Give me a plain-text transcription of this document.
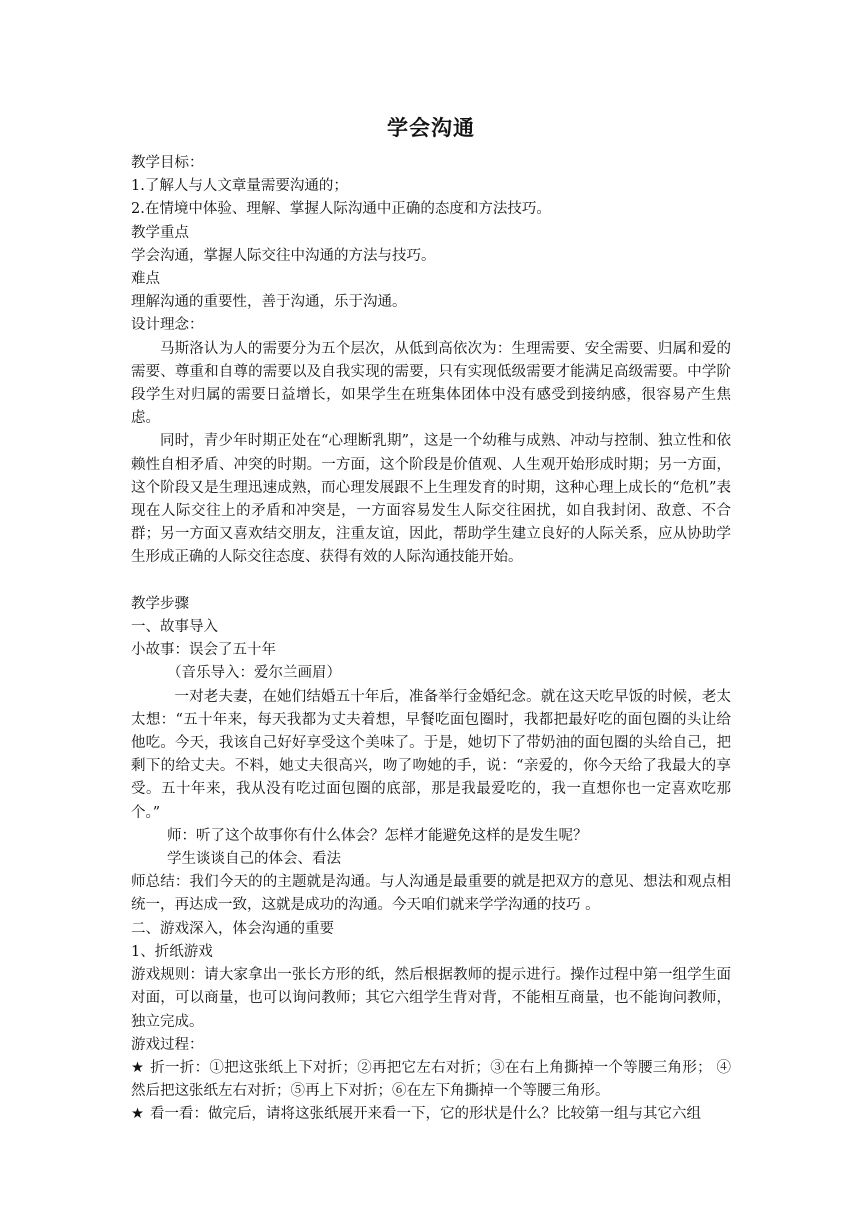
学会沟通

教学目标：

1.了解人与人文章量需要沟通的；

2.在情境中体验、理解、掌握人际沟通中正确的态度和方法技巧。

教学重点

学会沟通，掌握人际交往中沟通的方法与技巧。

难点

理解沟通的重要性，善于沟通，乐于沟通。

设计理念：

马斯洛认为人的需要分为五个层次，从低到高依次为：生理需要、安全需要、归属和爱的需要、尊重和自尊的需要以及自我实现的需要，只有实现低级需要才能满足高级需要。中学阶段学生对归属的需要日益增长，如果学生在班集体团体中没有感受到接纳感，很容易产生焦虑。

同时，青少年时期正处在“心理断乳期”，这是一个幼稚与成熟、冲动与控制、独立性和依赖性自相矛盾、冲突的时期。一方面，这个阶段是价值观、人生观开始形成时期；另一方面，这个阶段又是生理迅速成熟，而心理发展跟不上生理发育的时期，这种心理上成长的“危机”表现在人际交往上的矛盾和冲突是，一方面容易发生人际交往困扰，如自我封闭、敌意、不合群；另一方面又喜欢结交朋友，注重友谊，因此，帮助学生建立良好的人际关系，应从协助学生形成正确的人际交往态度、获得有效的人际沟通技能开始。

教学步骤

一、故事导入

小故事：误会了五十年

（音乐导入：爱尔兰画眉）

一对老夫妻，在她们结婚五十年后，准备举行金婚纪念。就在这天吃早饭的时候，老太太想：“五十年来，每天我都为丈夫着想，早餐吃面包圈时，我都把最好吃的面包圈的头让给他吃。今天，我该自己好好享受这个美味了。于是，她切下了带奶油的面包圈的头给自己，把剩下的给丈夫。不料，她丈夫很高兴，吻了吻她的手，说：“亲爱的，你今天给了我最大的享受。五十年来，我从没有吃过面包圈的底部，那是我最爱吃的，我一直想你也一定喜欢吃那个。”

师：听了这个故事你有什么体会？怎样才能避免这样的是发生呢？

学生谈谈自己的体会、看法

师总结：我们今天的的主题就是沟通。与人沟通是最重要的就是把双方的意见、想法和观点相统一，再达成一致，这就是成功的沟通。今天咱们就来学学沟通的技巧 。

二、游戏深入，体会沟通的重要

1、折纸游戏

游戏规则：请大家拿出一张长方形的纸，然后根据教师的提示进行。操作过程中第一组学生面对面，可以商量，也可以询问教师；其它六组学生背对背，不能相互商量，也不能询问教师，独立完成。

游戏过程：

★ 折一折：①把这张纸上下对折；②再把它左右对折；③在右上角撕掉一个等腰三角形； ④然后把这张纸左右对折；⑤再上下对折；⑥在左下角撕掉一个等腰三角形。

★ 看一看：做完后，请将这张纸展开来看一下，它的形状是什么？比较第一组与其它六组
